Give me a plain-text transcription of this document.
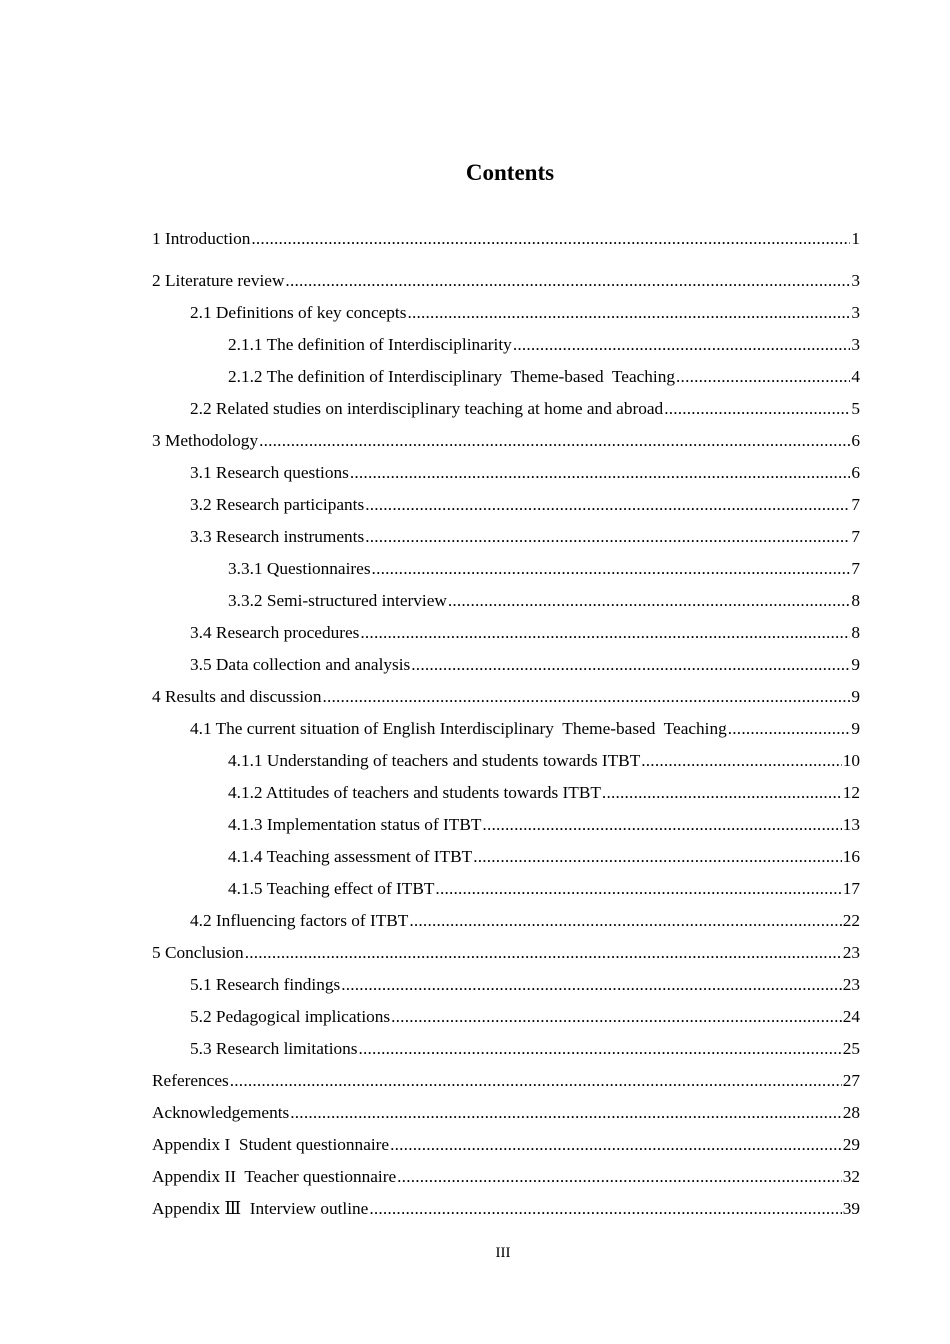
Contents
1 Introduction .....	1
2 Literature review .....	3
2.1 Definitions of key concepts .....	3
2.1.1 The definition of Interdisciplinarity .....	3
2.1.2 The definition of Interdisciplinary  Theme-based  Teaching .....	4
2.2 Related studies on interdisciplinary teaching at home and abroad .....	5
3 Methodology .....	6
3.1 Research questions .....	6
3.2 Research participants .....	7
3.3 Research instruments .....	7
3.3.1 Questionnaires .....	7
3.3.2 Semi-structured interview .....	8
3.4 Research procedures .....	8
3.5 Data collection and analysis .....	9
4 Results and discussion .....	9
4.1 The current situation of English Interdisciplinary  Theme-based  Teaching .....	9
4.1.1 Understanding of teachers and students towards ITBT .....	10
4.1.2 Attitudes of teachers and students towards ITBT .....	12
4.1.3 Implementation status of ITBT .....	13
4.1.4 Teaching assessment of ITBT .....	16
4.1.5 Teaching effect of ITBT .....	17
4.2 Influencing factors of ITBT .....	22
5 Conclusion .....	23
5.1 Research findings .....	23
5.2 Pedagogical implications .....	24
5.3 Research limitations .....	25
References .....	27
Acknowledgements .....	28
Appendix I  Student questionnaire .....	29
Appendix II  Teacher questionnaire .....	32
Appendix Ⅲ  Interview outline .....	39
III
